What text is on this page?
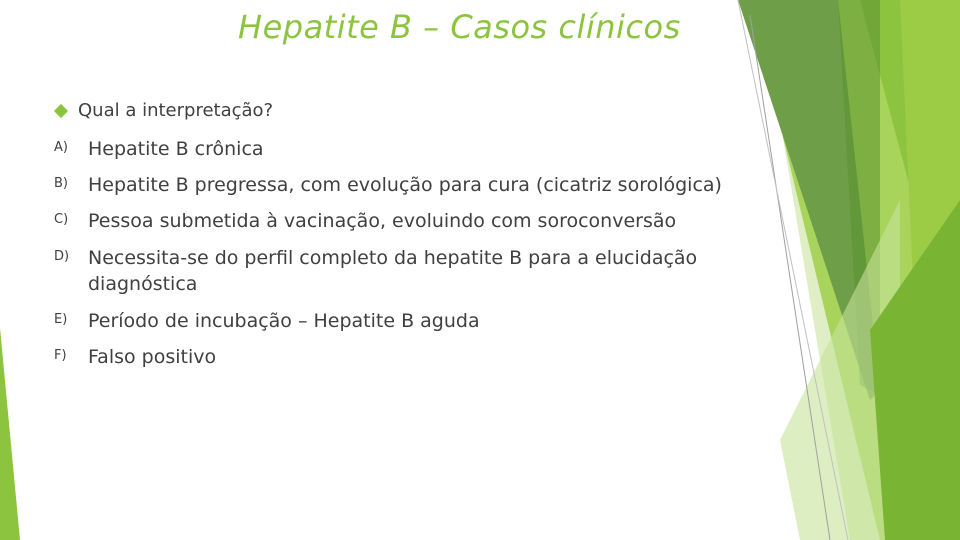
Hepatite B – Casos clínicos
Qual a interpretação?
A)	Hepatite B crônica
B)	Hepatite B pregressa, com evolução para cura (cicatriz sorológica)
C)	Pessoa submetida à vacinação, evoluindo com soroconversão
D) Necessita-se do perfil completo da hepatite B para a elucidação diagnóstica
E)	Período de incubação – Hepatite B aguda
F)	Falso positivo
